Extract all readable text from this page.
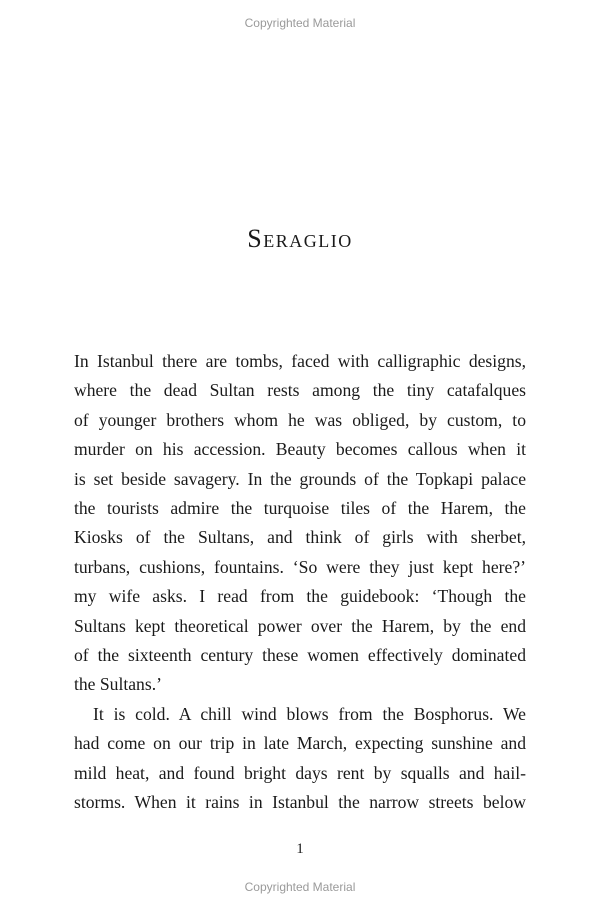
Copyrighted Material
Seraglio
In Istanbul there are tombs, faced with calligraphic designs,
where the dead Sultan rests among the tiny catafalques
of younger brothers whom he was obliged, by custom, to
murder on his accession. Beauty becomes callous when it
is set beside savagery. In the grounds of the Topkapi palace
the tourists admire the turquoise tiles of the Harem, the
Kiosks of the Sultans, and think of girls with sherbet,
turbans, cushions, fountains. ‘So were they just kept here?’
my wife asks. I read from the guidebook: ‘Though the
Sultans kept theoretical power over the Harem, by the end
of the sixteenth century these women effectively dominated
the Sultans.’
It is cold. A chill wind blows from the Bosphorus. We
had come on our trip in late March, expecting sunshine and
mild heat, and found bright days rent by squalls and hail-
storms. When it rains in Istanbul the narrow streets below
1
Copyrighted Material
